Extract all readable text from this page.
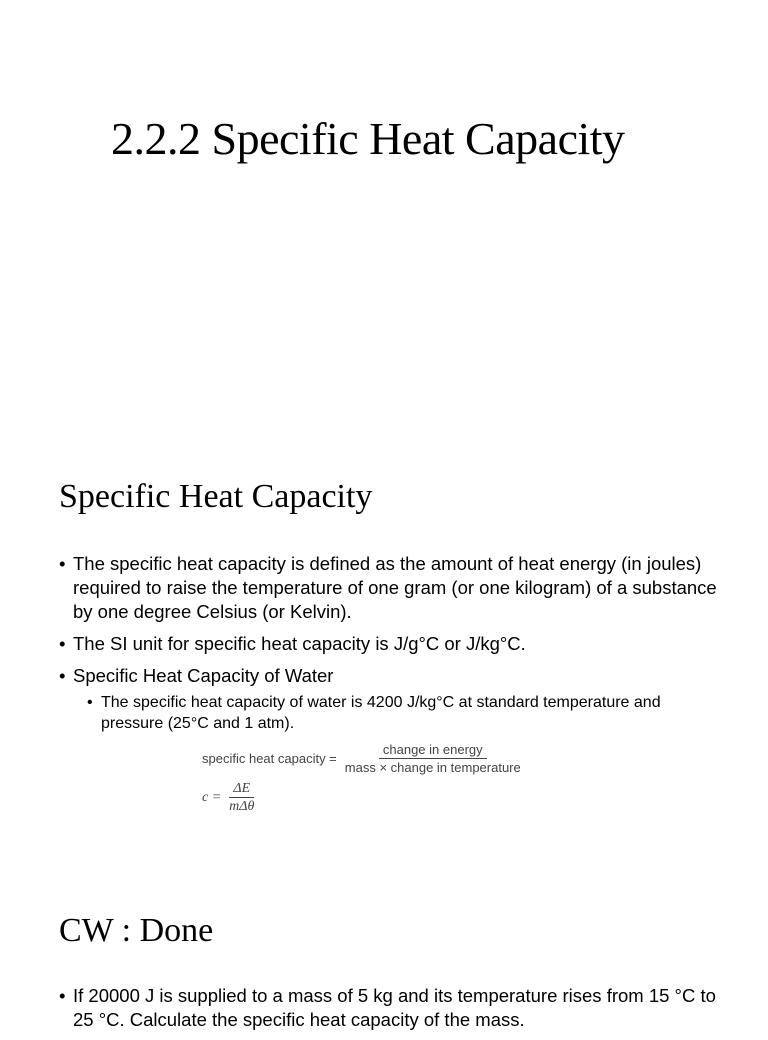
2.2.2 Specific Heat Capacity
Specific Heat Capacity
• The specific heat capacity is defined as the amount of heat energy (in joules) required to raise the temperature of one gram (or one kilogram) of a substance by one degree Celsius (or Kelvin).
• The SI unit for specific heat capacity is J/g°C or J/kg°C.
• Specific Heat Capacity of Water
• The specific heat capacity of water is 4200 J/kg°C at standard temperature and pressure (25°C and 1 atm).
specific heat capacity = $\frac{\text{change in energy}}{\text{mass × change in temperature}}$
$c = \frac{\Delta E}{\text{mΔθ}}$
CW : Done
• If 20000 J is supplied to a mass of 5 kg and its temperature rises from 15 °C to 25 °C. Calculate the specific heat capacity of the mass.
